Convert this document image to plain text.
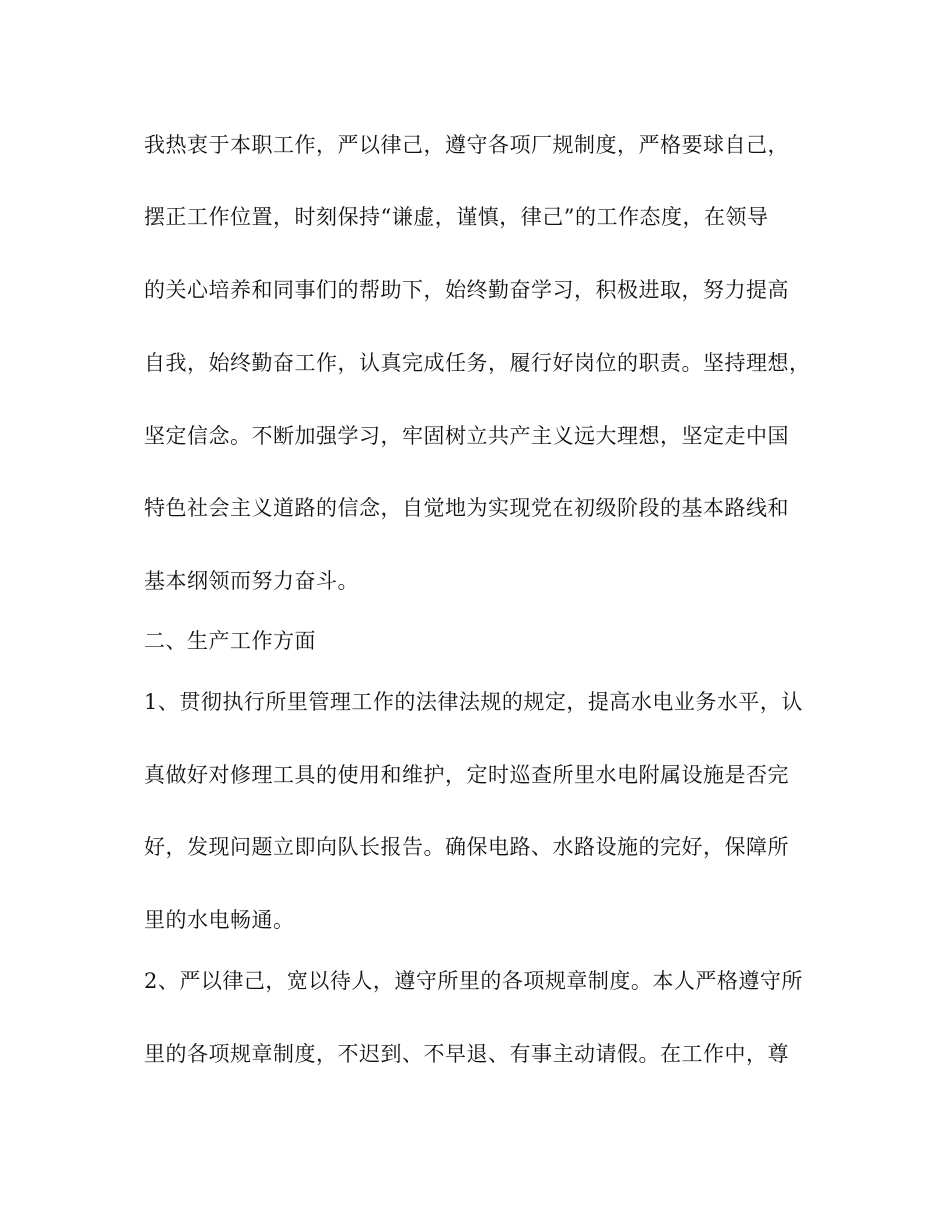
我热衷于本职工作，严以律己，遵守各项厂规制度，严格要球自己，
摆正工作位置，时刻保持“谦虚，谨慎，律己”的工作态度，在领导
的关心培养和同事们的帮助下，始终勤奋学习，积极进取，努力提高
自我，始终勤奋工作，认真完成任务，履行好岗位的职责。坚持理想，
坚定信念。不断加强学习，牢固树立共产主义远大理想，坚定走中国
特色社会主义道路的信念，自觉地为实现党在初级阶段的基本路线和
基本纲领而努力奋斗。
二、生产工作方面
1、贯彻执行所里管理工作的法律法规的规定，提高水电业务水平，认
真做好对修理工具的使用和维护，定时巡查所里水电附属设施是否完
好，发现问题立即向队长报告。确保电路、水路设施的完好，保障所
里的水电畅通。
2、严以律己，宽以待人，遵守所里的各项规章制度。本人严格遵守所
里的各项规章制度，不迟到、不早退、有事主动请假。在工作中，尊
